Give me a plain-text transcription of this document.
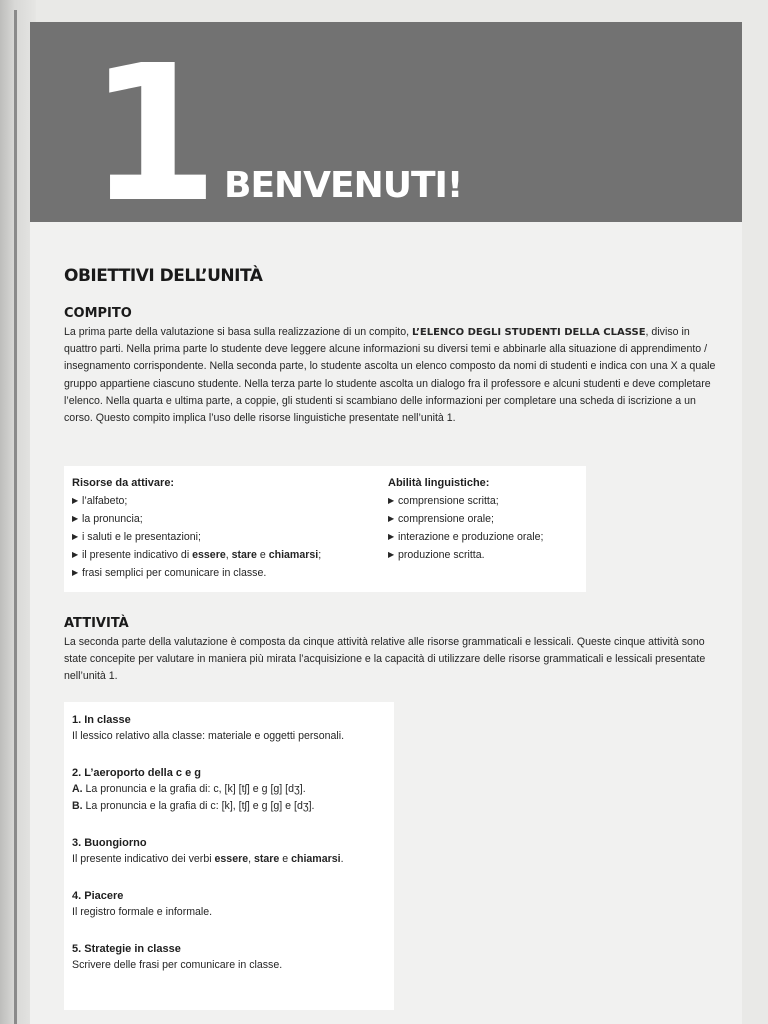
1 BENVENUTI!
OBIETTIVI DELL’UNITÀ
COMPITO

La prima parte della valutazione si basa sulla realizzazione di un compito, L’ELENCO DEGLI STUDENTI DELLA CLASSE, diviso in quattro parti. Nella prima parte lo studente deve leggere alcune informazioni su diversi temi e abbinarle alla situazione di apprendimento / insegnamento corrispondente. Nella seconda parte, lo studente ascolta un elenco composto da nomi di studenti e indica con una X a quale gruppo appartiene ciascuno studente. Nella terza parte lo studente ascolta un dialogo fra il professore e alcuni studenti e deve completare l’elenco. Nella quarta e ultima parte, a coppie, gli studenti si scambiano delle informazioni per completare una scheda di iscrizione a un corso. Questo compito implica l’uso delle risorse linguistiche presentate nell’unità 1.

Risorse da attivare:

▶ l’alfabeto;
▶ la pronuncia;
▶ i saluti e le presentazioni;
▶ il presente indicativo di essere, stare e chiamarsi;
▶ frasi semplici per comunicare in classe.

Abilità linguistiche:

▶ comprensione scritta;
▶ comprensione orale;
▶ interazione e produzione orale;
▶ produzione scritta.
ATTIVITÀ

La seconda parte della valutazione è composta da cinque attività relative alle risorse grammaticali e lessicali. Queste cinque attività sono state concepite per valutare in maniera più mirata l’acquisizione e la capacità di utilizzare delle risorse grammaticali e lessicali presentate nell’unità 1.

1. In classe

Il lessico relativo alla classe: materiale e oggetti personali.

2. L’aeroporto della c e g

A. La pronuncia e la grafia di: c, [k] [tʃ] e g [g] [dʒ].

B. La pronuncia e la grafia di c: [k], [tʃ] e g [g] e [dʒ].

3. Buongiorno

Il presente indicativo dei verbi essere, stare e chiamarsi.

4. Piacere

Il registro formale e informale.

5. Strategie in classe

Scrivere delle frasi per comunicare in classe.
